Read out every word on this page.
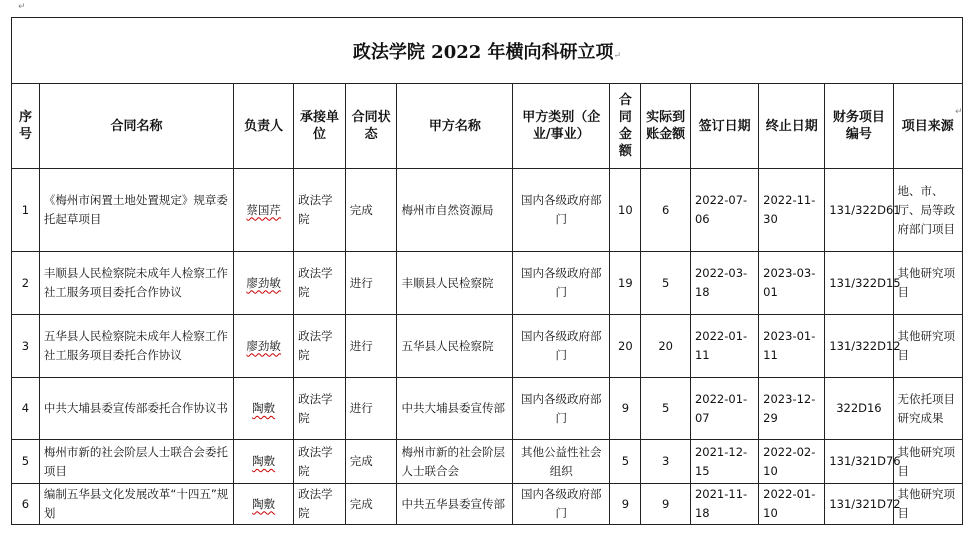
↵
↵
政法学院 2022 年横向科研立项↵												
序号	合同名称	负责人	承接单位	合同状态	甲方名称	甲方类别（企业/事业）	合同金额	实际到账金额	签订日期	终止日期	财务项目编号	项目来源
1	《梅州市闲置土地处置规定》规章委托起草项目	蔡国芹	政法学院	完成	梅州市自然资源局	国内各级政府部门	10	6	2022-07-06	2022-11-30	131/322D61	地、市、厅、局等政府部门项目
2	丰顺县人民检察院未成年人检察工作社工服务项目委托合作协议	廖劲敏	政法学院	进行	丰顺县人民检察院	国内各级政府部门	19	5	2022-03-18	2023-03-01	131/322D15	其他研究项目
3	五华县人民检察院未成年人检察工作社工服务项目委托合作协议	廖劲敏	政法学院	进行	五华县人民检察院	国内各级政府部门	20	20	2022-01-11	2023-01-11	131/322D12	其他研究项目
4	中共大埔县委宣传部委托合作协议书	陶敷	政法学院	进行	中共大埔县委宣传部	国内各级政府部门	9	5	2022-01-07	2023-12-29	322D16	无依托项目研究成果
5	梅州市新的社会阶层人士联合会委托项目	陶敷	政法学院	完成	梅州市新的社会阶层人士联合会	其他公益性社会组织	5	3	2021-12-15	2022-02-10	131/321D76	其他研究项目
6	编制五华县文化发展改革“十四五”规划	陶敷	政法学院	完成	中共五华县委宣传部	国内各级政府部门	9	9	2021-11-18	2022-01-10	131/321D72	其他研究项目
